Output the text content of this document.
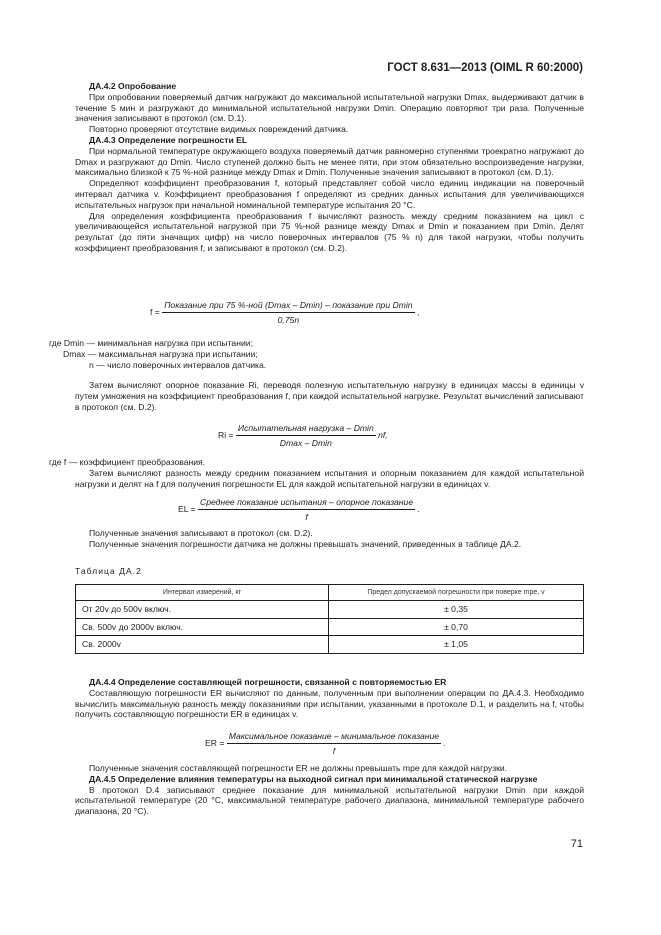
ГОСТ 8.631—2013 (OIML R 60:2000)

ДА.4.2 Опробование

При опробовании поверяемый датчик нагружают до максимальной испытательной нагрузки Dmax, выдерживают датчик в течение 5 мин и разгружают до минимальной испытательной нагрузки Dmin. Операцию повторяют три раза. Полученные значения записывают в протокол (см. D.1).

Повторно проверяют отсутствие видимых повреждений датчика.

ДА.4.3 Определение погрешности EL

При нормальной температуре окружающего воздуха поверяемый датчик равномерно ступенями троекратно нагружают до Dmax и разгружают до Dmin. Число ступеней должно быть не менее пяти, при этом обязательно воспроизведение нагрузки, максимально близкой к 75 %-ной разнице между Dmax и Dmin. Полученные значения записывают в протокол (см. D.1).

Определяют коэффициент преобразования f, который представляет собой число единиц индикации на поверочный интервал датчика v. Коэффициент преобразования f определяют из средних данных испытания для увеличивающихся испытательных нагрузок при начальной номинальной температуре испытания 20 °С.

Для определения коэффициента преобразования f вычисляют разность между средним показанием на цикл с увеличивающейся испытательной нагрузкой при 75 %-ной разнице между Dmax и Dmin и показанием при Dmin. Делят результат (до пяти значащих цифр) на число поверочных интервалов (75 % n) для такой нагрузки, чтобы получить коэффициент преобразования f, и записывают в протокол (см. D.2).

$f = \frac{\text{Показание при 75 \%-ной (Dmax – Dmin) – показание при Dmin}}{0,75n}$ ,
где Dmin — минимальная нагрузка при испытании;
Dmax — максимальная нагрузка при испытании;
n — число поверочных интервалов датчика.

Затем вычисляют опорное показание Ri, переводя полезную испытательную нагрузку в единицах массы в единицы v путем умножения на коэффициент преобразования f, при каждой испытательной нагрузке. Результат вычислений записывают в протокол (см. D.2).

$Ri = \frac{\text{Испытательная нагрузка – Dmin}}{Dmax - Dmin}$ nf,

где f — коэффициент преобразования.

Затем вычисляют разность между средним показанием испытания и опорным показанием для каждой испытательной нагрузки и делят на f для получения погрешности EL для каждой испытательной нагрузки в единицах v.

EL = $\frac{\text{Среднее показание испытания – опорное показание}}{f}$ .

Полученные значения записывают в протокол (см. D.2).

Полученные значения погрешности датчика не должны превышать значений, приведенных в таблице ДА.2.

Таблица ДА.2
Интервал измерений, кг	Предел допускаемой погрешности при поверке mpe, v
От 20v до 500v включ.	± 0,35
Св. 500v до 2000v включ.	± 0,70
Св. 2000v	± 1,05

ДА.4.4 Определение составляющей погрешности, связанной с повторяемостью ER

Составляющую погрешности ER вычисляют по данным, полученным при выполнении операции по ДА.4.3. Необходимо вычислить максимальную разность между показаниями при испытании, указанными в протоколе D.1, и разделить на f, чтобы получить составляющую погрешности ER в единицах v.

ER = $\frac{\text{Максимальное показание – минимальное показание}}{f}$ .

Полученные значения составляющей погрешности ER не должны превышать mpe для каждой нагрузки.

ДА.4.5 Определение влияния температуры на выходной сигнал при минимальной статической нагрузке

В протокол D.4 записывают среднее показание для минимальной испытательной нагрузки Dmin при каждой испытательной температуре (20 °С, максимальной температуре рабочего диапазона, минимальной температуре рабочего диапазона, 20 °С).

71
